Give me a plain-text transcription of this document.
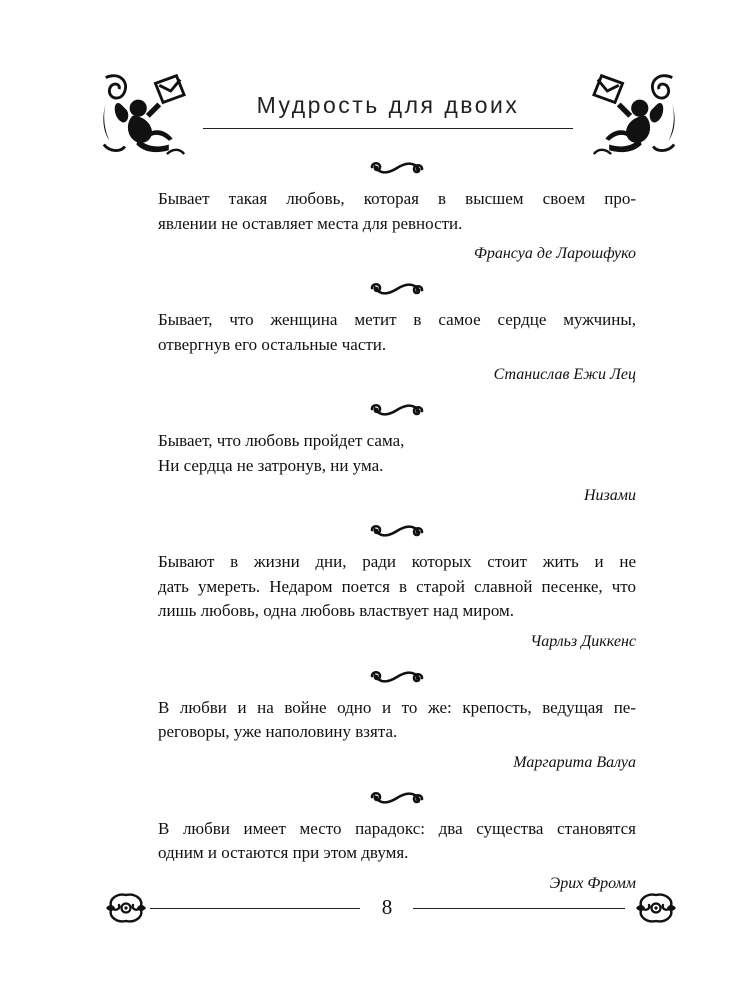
Мудрость для двоих

Бывает такая любовь, которая в высшем своем про-
явлении не оставляет места для ревности.

Франсуа де Ларошфуко

Бывает, что женщина метит в самое сердце мужчины,
отвергнув его остальные части.

Станислав Ежи Лец

Бывает, что любовь пройдет сама,
Ни сердца не затронув, ни ума.

Низами

Бывают в жизни дни, ради которых стоит жить и не
дать умереть. Недаром поется в старой славной песенке, что
лишь любовь, одна любовь властвует над миром.

Чарльз Диккенс

В любви и на войне одно и то же: крепость, ведущая пе-
реговоры, уже наполовину взята.

Маргарита Валуа

В любви имеет место парадокс: два существа становятся
одним и остаются при этом двумя.

Эрих Фромм

8
